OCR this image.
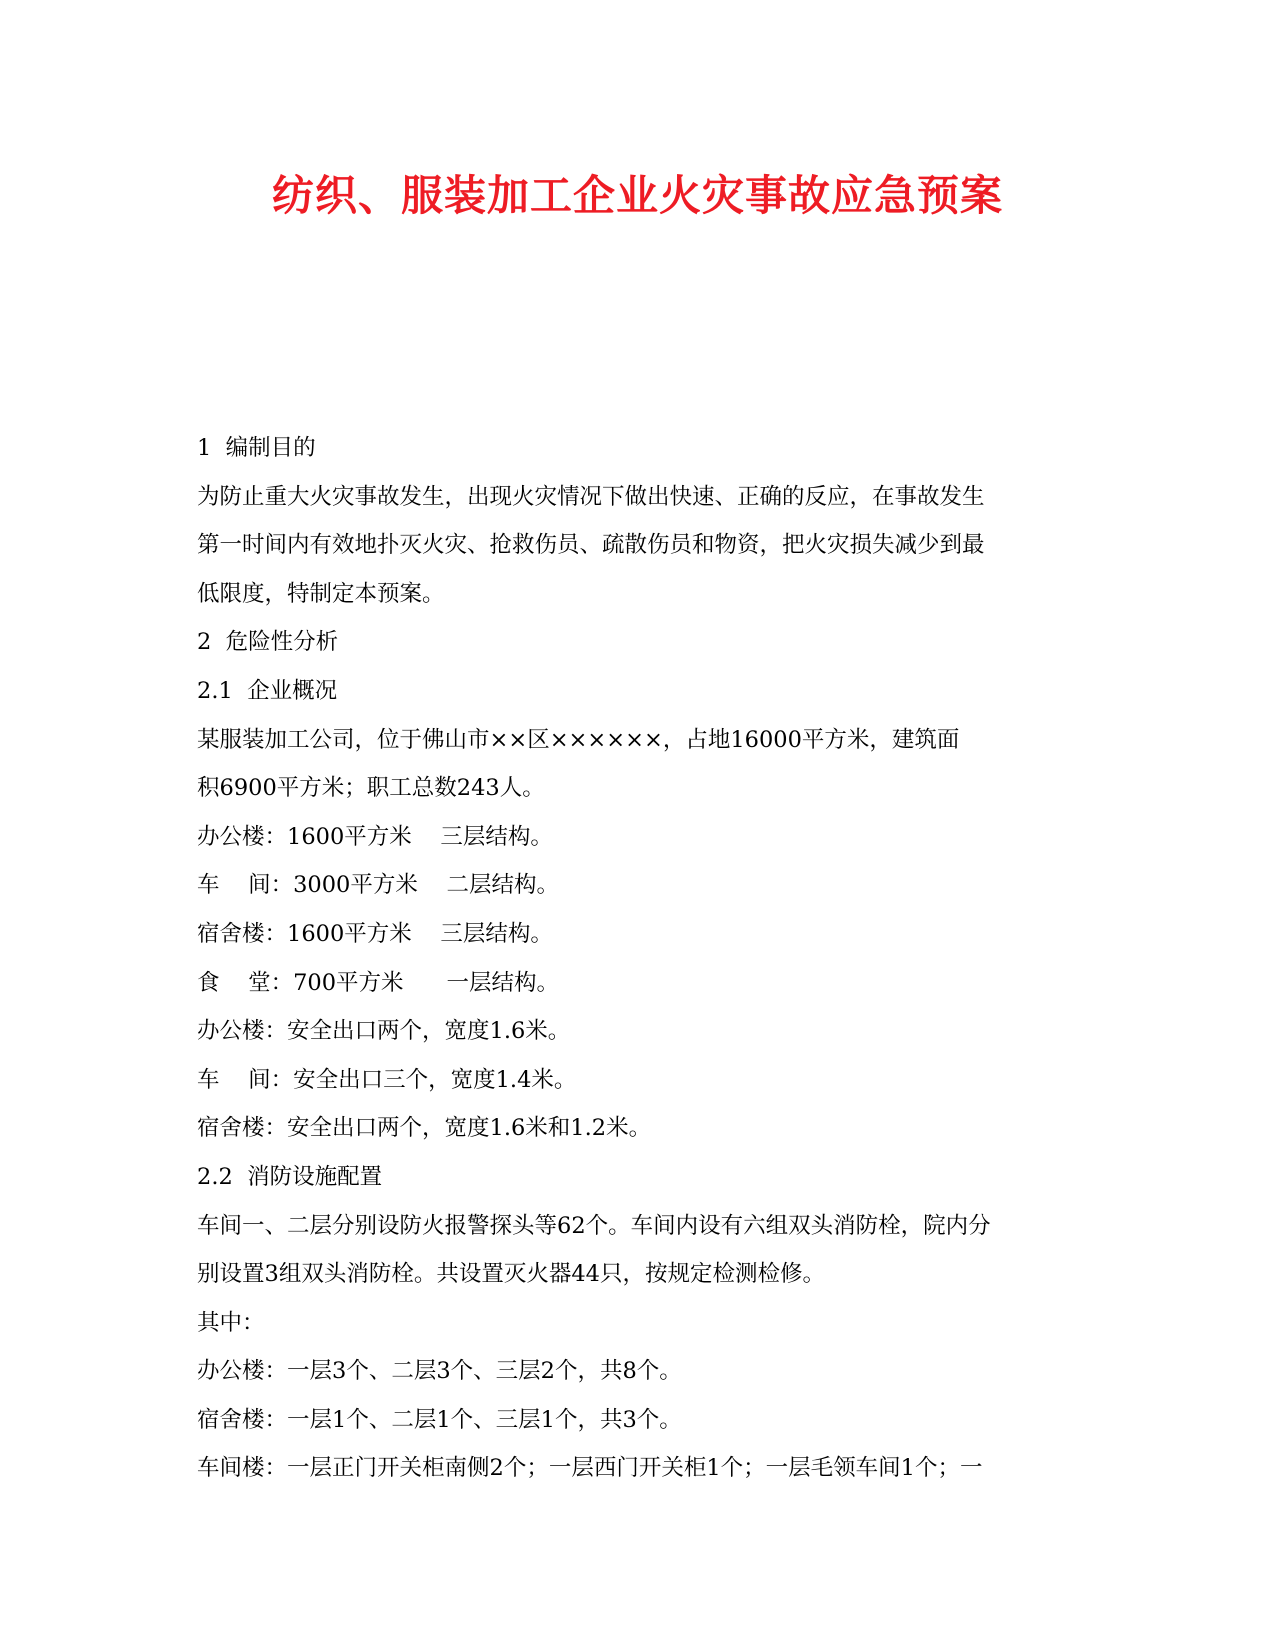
纺织、服装加工企业火灾事故应急预案

1  编制目的

为防止重大火灾事故发生，出现火灾情况下做出快速、正确的反应，在事故发生

第一时间内有效地扑灭火灾、抢救伤员、疏散伤员和物资，把火灾损失减少到最

低限度，特制定本预案。

2  危险性分析

2.1  企业概况

某服装加工公司，位于佛山市××区××××××，占地16000平方米，建筑面

积6900平方米；职工总数243人。

办公楼：1600平方米    三层结构。

车    间：3000平方米    二层结构。

宿舍楼：1600平方米    三层结构。

食    堂：700平方米      一层结构。

办公楼：安全出口两个，宽度1.6米。

车    间：安全出口三个，宽度1.4米。

宿舍楼：安全出口两个，宽度1.6米和1.2米。

2.2  消防设施配置

车间一、二层分别设防火报警探头等62个。车间内设有六组双头消防栓，院内分

别设置3组双头消防栓。共设置灭火器44只，按规定检测检修。

其中：

办公楼：一层3个、二层3个、三层2个，共8个。

宿舍楼：一层1个、二层1个、三层1个，共3个。

车间楼：一层正门开关柜南侧2个；一层西门开关柜1个；一层毛领车间1个；一
